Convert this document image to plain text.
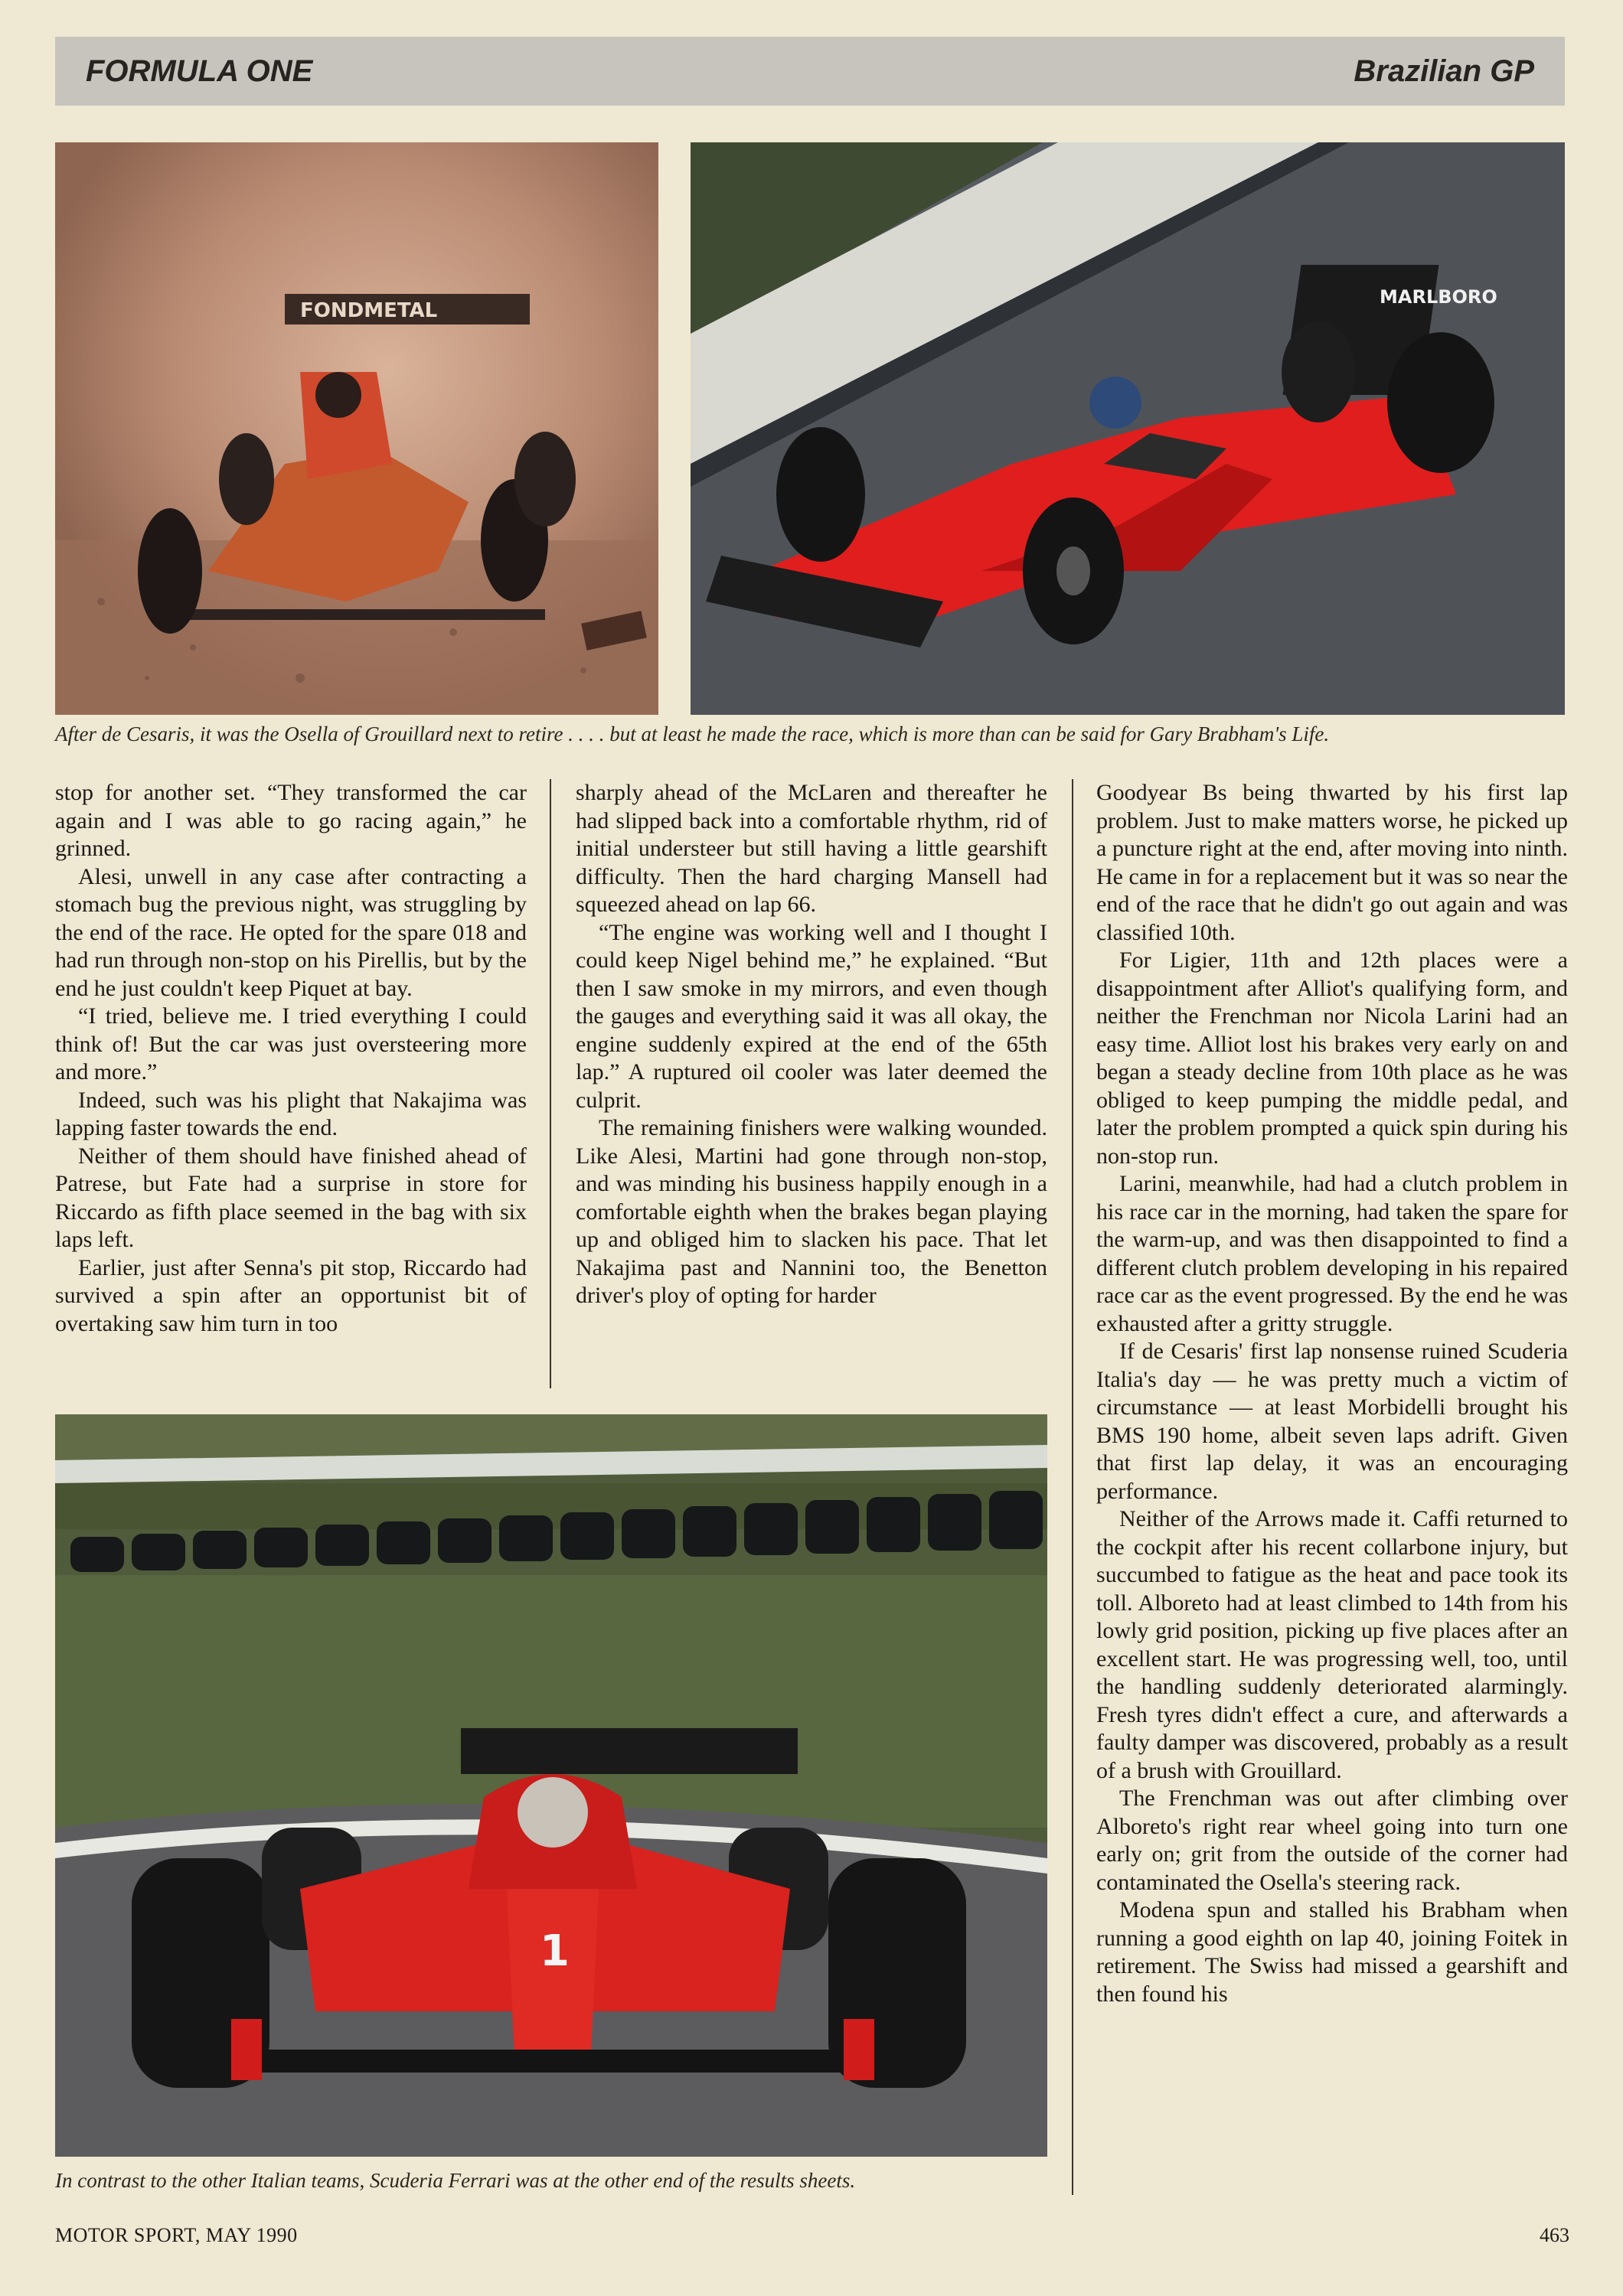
FORMULA ONE	Brazilian GP
FONDMETAL
MARLBORO
After de Cesaris, it was the Osella of Grouillard next to retire . . . . but at least he made the race, which is more than can be said for Gary Brabham's Life.

stop for another set. “They transformed the car again and I was able to go racing again,” he grinned.

Alesi, unwell in any case after contracting a stomach bug the previous night, was struggling by the end of the race. He opted for the spare 018 and had run through non-stop on his Pirellis, but by the end he just couldn't keep Piquet at bay.

“I tried, believe me. I tried everything I could think of! But the car was just oversteering more and more.”

Indeed, such was his plight that Nakajima was lapping faster towards the end.

Neither of them should have finished ahead of Patrese, but Fate had a surprise in store for Riccardo as fifth place seemed in the bag with six laps left.

Earlier, just after Senna's pit stop, Riccardo had survived a spin after an opportunist bit of overtaking saw him turn in too

sharply ahead of the McLaren and thereafter he had slipped back into a comfortable rhythm, rid of initial understeer but still having a little gearshift difficulty. Then the hard charging Mansell had squeezed ahead on lap 66.

“The engine was working well and I thought I could keep Nigel behind me,” he explained. “But then I saw smoke in my mirrors, and even though the gauges and everything said it was all okay, the engine suddenly expired at the end of the 65th lap.” A ruptured oil cooler was later deemed the culprit.

The remaining finishers were walking wounded. Like Alesi, Martini had gone through non-stop, and was minding his business happily enough in a comfortable eighth when the brakes began playing up and obliged him to slacken his pace. That let Nakajima past and Nannini too, the Benetton driver's ploy of opting for harder

Goodyear Bs being thwarted by his first lap problem. Just to make matters worse, he picked up a puncture right at the end, after moving into ninth. He came in for a replacement but it was so near the end of the race that he didn't go out again and was classified 10th.

For Ligier, 11th and 12th places were a disappointment after Alliot's qualifying form, and neither the Frenchman nor Nicola Larini had an easy time. Alliot lost his brakes very early on and began a steady decline from 10th place as he was obliged to keep pumping the middle pedal, and later the problem prompted a quick spin during his non-stop run.

Larini, meanwhile, had had a clutch problem in his race car in the morning, had taken the spare for the warm-up, and was then disappointed to find a different clutch problem developing in his repaired race car as the event progressed. By the end he was exhausted after a gritty struggle.

If de Cesaris' first lap nonsense ruined Scuderia Italia's day — he was pretty much a victim of circumstance — at least Morbidelli brought his BMS 190 home, albeit seven laps adrift. Given that first lap delay, it was an encouraging performance.

Neither of the Arrows made it. Caffi returned to the cockpit after his recent collarbone injury, but succumbed to fatigue as the heat and pace took its toll. Alboreto had at least climbed to 14th from his lowly grid position, picking up five places after an excellent start. He was progressing well, too, until the handling suddenly deteriorated alarmingly. Fresh tyres didn't effect a cure, and afterwards a faulty damper was discovered, probably as a result of a brush with Grouillard.

The Frenchman was out after climbing over Alboreto's right rear wheel going into turn one early on; grit from the outside of the corner had contaminated the Osella's steering rack.

Modena spun and stalled his Brabham when running a good eighth on lap 40, joining Foitek in retirement. The Swiss had missed a gearshift and then found his

1
In contrast to the other Italian teams, Scuderia Ferrari was at the other end of the results sheets.
MOTOR SPORT, MAY 1990	463
